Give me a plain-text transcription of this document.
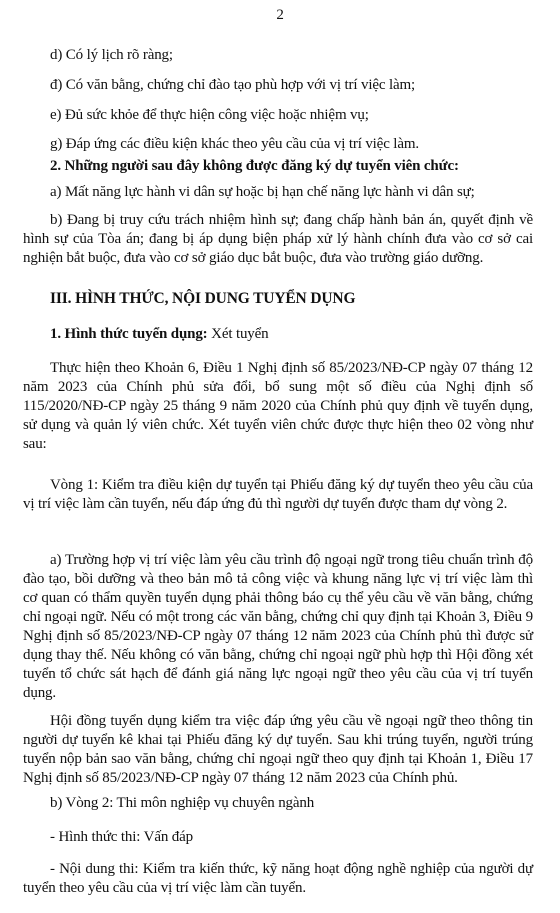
2
d) Có lý lịch rõ ràng;
đ) Có văn bằng, chứng chỉ đào tạo phù hợp với vị trí việc làm;
e) Đủ sức khỏe để thực hiện công việc hoặc nhiệm vụ;
g) Đáp ứng các điều kiện khác theo yêu cầu của vị trí việc làm.
2. Những người sau đây không được đăng ký dự tuyển viên chức:
a) Mất năng lực hành vi dân sự hoặc bị hạn chế năng lực hành vi dân sự;
b) Đang bị truy cứu trách nhiệm hình sự; đang chấp hành bản án, quyết định về hình sự của Tòa án; đang bị áp dụng biện pháp xử lý hành chính đưa vào cơ sở cai nghiện bắt buộc, đưa vào cơ sở giáo dục bắt buộc, đưa vào trường giáo dưỡng.
III. HÌNH THỨC, NỘI DUNG TUYỂN DỤNG
1. Hình thức tuyển dụng: Xét tuyển
Thực hiện theo Khoản 6, Điều 1 Nghị định số 85/2023/NĐ-CP ngày 07 tháng 12 năm 2023 của Chính phủ sửa đổi, bổ sung một số điều của Nghị định số 115/2020/NĐ-CP ngày 25 tháng 9 năm 2020 của Chính phủ quy định về tuyển dụng, sử dụng và quản lý viên chức. Xét tuyển viên chức được thực hiện theo 02 vòng như sau:
Vòng 1: Kiểm tra điều kiện dự tuyển tại Phiếu đăng ký dự tuyển theo yêu cầu của vị trí việc làm cần tuyển, nếu đáp ứng đủ thì người dự tuyển được tham dự vòng 2.
a) Trường hợp vị trí việc làm yêu cầu trình độ ngoại ngữ trong tiêu chuẩn trình độ đào tạo, bồi dưỡng và theo bản mô tả công việc và khung năng lực vị trí việc làm thì cơ quan có thẩm quyền tuyển dụng phải thông báo cụ thể yêu cầu về văn bằng, chứng chỉ ngoại ngữ. Nếu có một trong các văn bằng, chứng chỉ quy định tại Khoản 3, Điều 9 Nghị định số 85/2023/NĐ-CP ngày 07 tháng 12 năm 2023 của Chính phủ thì được sử dụng thay thế. Nếu không có văn bằng, chứng chỉ ngoại ngữ phù hợp thì Hội đồng xét tuyển tổ chức sát hạch để đánh giá năng lực ngoại ngữ theo yêu cầu của vị trí tuyển dụng.
Hội đồng tuyển dụng kiểm tra việc đáp ứng yêu cầu về ngoại ngữ theo thông tin người dự tuyển kê khai tại Phiếu đăng ký dự tuyển. Sau khi trúng tuyển, người trúng tuyển nộp bản sao văn bằng, chứng chỉ ngoại ngữ theo quy định tại Khoản 1, Điều 17 Nghị định số 85/2023/NĐ-CP ngày 07 tháng 12 năm 2023 của Chính phủ.
b) Vòng 2: Thi môn nghiệp vụ chuyên ngành
- Hình thức thi: Vấn đáp
- Nội dung thi: Kiểm tra kiến thức, kỹ năng hoạt động nghề nghiệp của người dự tuyển theo yêu cầu của vị trí việc làm cần tuyển.
